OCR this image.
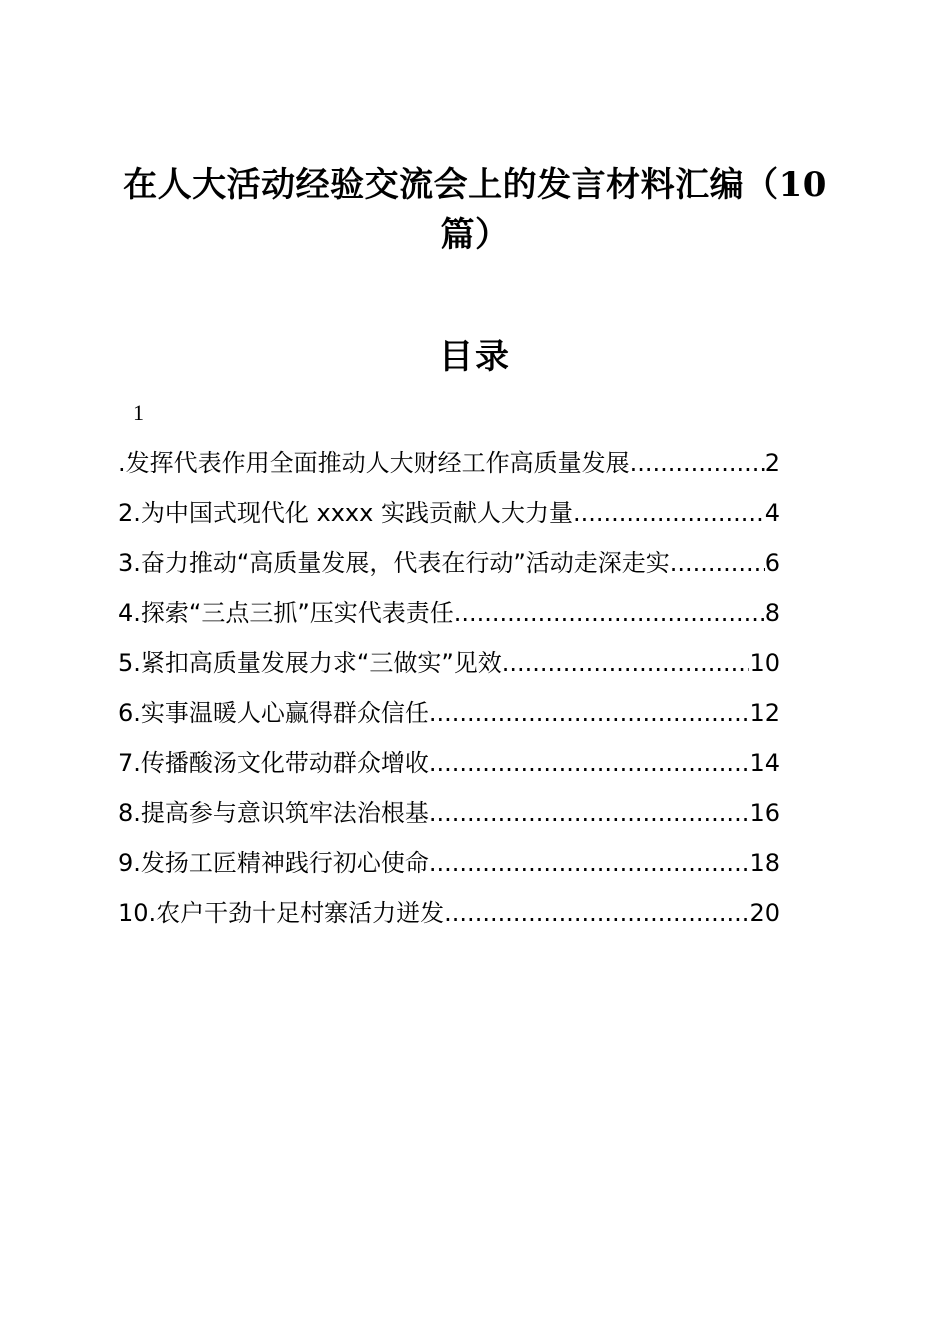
在人大活动经验交流会上的发言材料汇编（10篇）
目录
1
.发挥代表作用全面推动人大财经工作高质量发展 .....	2
2.为中国式现代化 xxxx 实践贡献人大力量 .....	4
3.奋力推动“高质量发展，代表在行动”活动走深走实 .....	6
4.探索“三点三抓”压实代表责任 .....	8
5.紧扣高质量发展力求“三做实”见效 .....	10
6.实事温暖人心赢得群众信任 .....	12
7.传播酸汤文化带动群众增收 .....	14
8.提高参与意识筑牢法治根基 .....	16
9.发扬工匠精神践行初心使命 .....	18
10.农户干劲十足村寨活力迸发 .....	20
